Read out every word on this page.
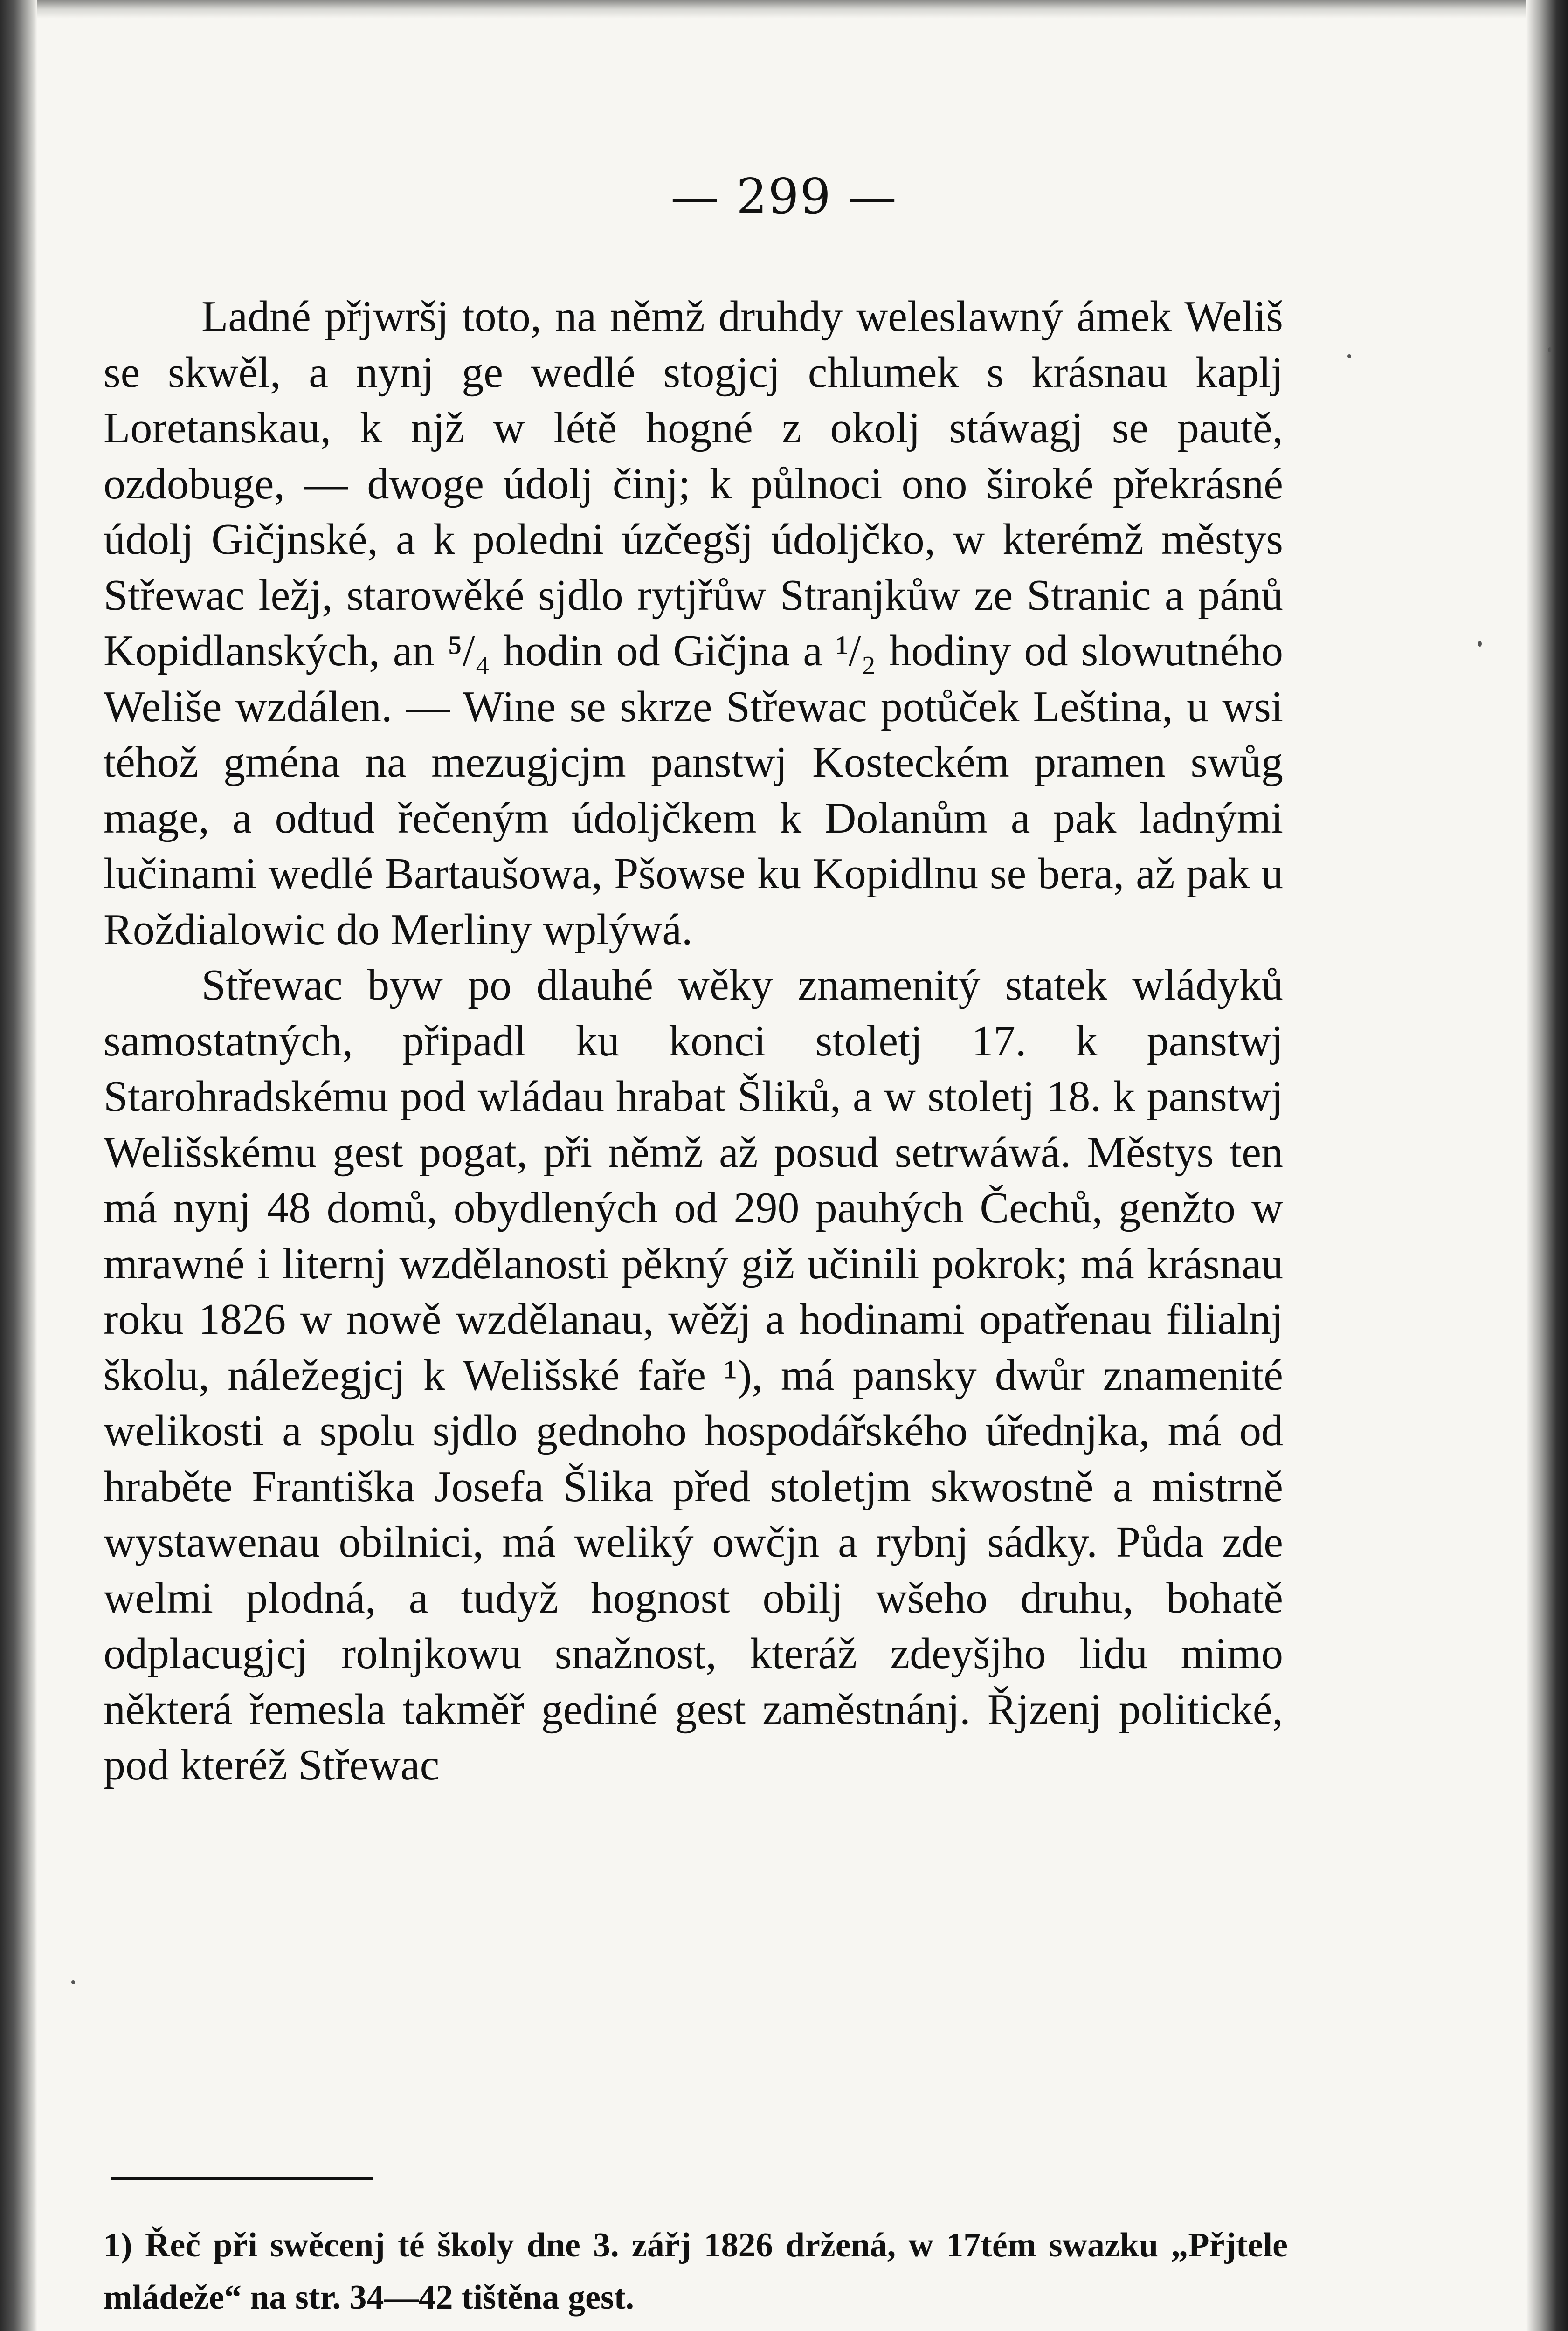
— 299 —

Ladné přjwršj toto, na němž druhdy weleslawný ámek Weliš se skwěl, a nynj ge wedlé stogjcj chlumek s krásnau kaplj Loretanskau, k njž w létě hogné z okolj stáwagj se pautě, ozdobuge, — dwoge údolj činj; k půlnoci ono široké překrásné údolj Gičjnské, a k poledni úzčegšj údoljčko, w kterémž městys Střewac ležj, starowěké sjdlo rytjřůw Stranjkůw ze Stranic a pánů Kopidlanských, an ⁵/₄ hodin od Gičjna a ¹/₂ hodiny od slowutného Weliše wzdálen. — Wine se skrze Střewac potůček Leština, u wsi téhož gména na mezugjcjm panstwj Kosteckém pramen swůg mage, a odtud řečeným údoljčkem k Dolanům a pak ladnými lučinami wedlé Bartaušowa, Pšowse ku Kopidlnu se bera, až pak u Roždialowic do Merliny wplýwá.

Střewac byw po dlauhé wěky znamenitý statek wládyků samostatných, připadl ku konci stoletj 17. k panstwj Starohradskému pod wládau hrabat Šliků, a w stoletj 18. k panstwj Welišskému gest pogat, při němž až posud setrwáwá. Městys ten má nynj 48 domů, obydlených od 290 pauhých Čechů, genžto w mrawné i liternj wzdělanosti pěkný giž učinili pokrok; má krásnau roku 1826 w nowě wzdělanau, wěžj a hodinami opatřenau filialnj školu, náležegjcj k Welišské faře ¹), má pansky dwůr znamenité welikosti a spolu sjdlo gednoho hospodářského úřednjka, má od hraběte Františka Josefa Šlika před stoletjm skwostně a mistrně wystawenau obilnici, má weliký owčjn a rybnj sádky. Půda zde welmi plodná, a tudyž hognost obilj wšeho druhu, bohatě odplacugjcj rolnjkowu snažnost, kteráž zdeyšjho lidu mimo některá řemesla takměř gediné gest zaměstnánj. Řjzenj politické, pod kteréž Střewac

1) Řeč při swěcenj té školy dne 3. zářj 1826 držená, w 17tém swazku „Přjtele mládeže“ na str. 34—42 tištěna gest.
